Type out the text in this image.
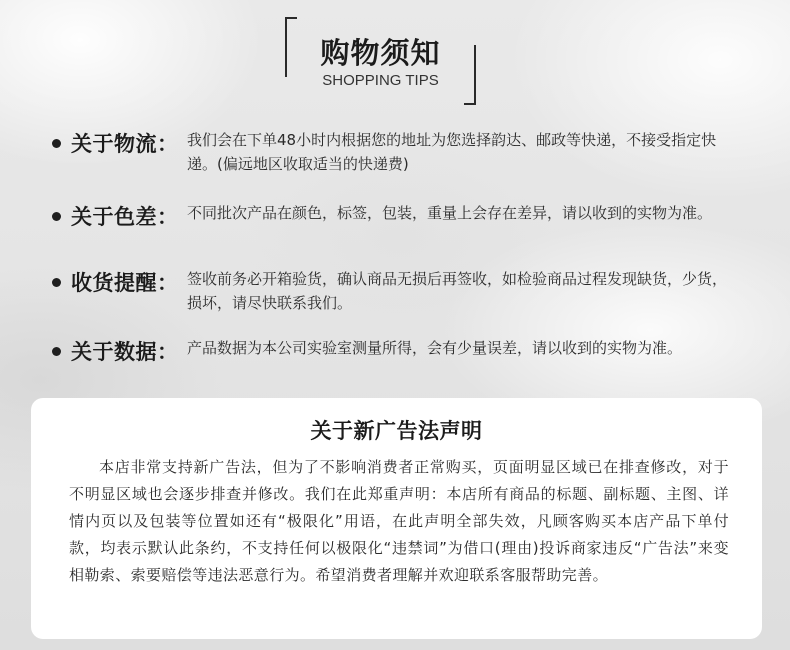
购物须知
SHOPPING TIPS
关于物流： 我们会在下单48小时内根据您的地址为您选择韵达、邮政等快递，不接受指定快递。(偏远地区收取适当的快递费)
关于色差： 不同批次产品在颜色，标签，包装，重量上会存在差异，请以收到的实物为准。
收货提醒： 签收前务必开箱验货，确认商品无损后再签收，如检验商品过程发现缺货，少货，损坏，请尽快联系我们。
关于数据： 产品数据为本公司实验室测量所得，会有少量误差，请以收到的实物为准。
关于新广告法声明

本店非常支持新广告法，但为了不影响消费者正常购买，页面明显区域已在排查修改，对于不明显区域也会逐步排查并修改。我们在此郑重声明：本店所有商品的标题、副标题、主图、详情内页以及包装等位置如还有“极限化”用语，在此声明全部失效，凡顾客购买本店产品下单付款，均表示默认此条约，不支持任何以极限化“违禁词”为借口(理由)投诉商家违反“广告法”来变相勒索、索要赔偿等违法恶意行为。希望消费者理解并欢迎联系客服帮助完善。
